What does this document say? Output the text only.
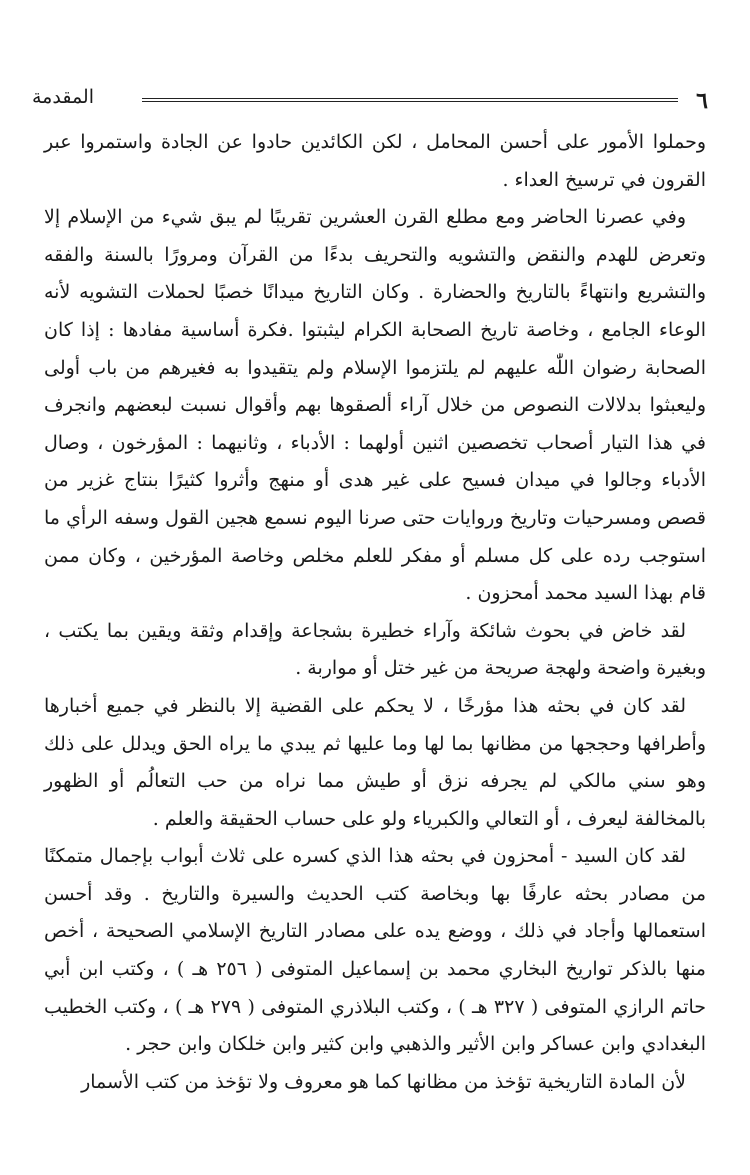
٦
المقدمة

وحملوا الأمور على أحسن المحامل ، لكن الكائدين حادوا عن الجادة واستمروا عبر القرون في ترسيخ العداء .

وفي عصرنا الحاضر ومع مطلع القرن العشرين تقريبًا لم يبق شيء من الإسلام إلا وتعرض للهدم والنقض والتشويه والتحريف بدءًا من القرآن ومرورًا بالسنة والفقه والتشريع وانتهاءً بالتاريخ والحضارة . وكان التاريخ ميدانًا خصبًا لحملات التشويه لأنه الوعاء الجامع ، وخاصة تاريخ الصحابة الكرام ليثبتوا .فكرة أساسية مفادها : إذا كان الصحابة رضوان اللّٰه عليهم لم يلتزموا الإسلام ولم يتقيدوا به فغيرهم من باب أولى وليعبثوا بدلالات النصوص من خلال آراء ألصقوها بهم وأقوال نسبت لبعضهم وانجرف في هذا التيار أصحاب تخصصين اثنين أولهما : الأدباء ، وثانيهما : المؤرخون ، وصال الأدباء وجالوا في ميدان فسيح على غير هدى أو منهج وأثروا كثيرًا بنتاج غزير من قصص ومسرحيات وتاريخ وروايات حتى صرنا اليوم نسمع هجين القول وسفه الرأي ما استوجب رده على كل مسلم أو مفكر للعلم مخلص وخاصة المؤرخين ، وكان ممن قام بهذا السيد محمد أمحزون .

لقد خاض في بحوث شائكة وآراء خطيرة بشجاعة وإقدام وثقة ويقين بما يكتب ، وبغيرة واضحة ولهجة صريحة من غير ختل أو مواربة .

لقد كان في بحثه هذا مؤرخًا ، لا يحكم على القضية إلا بالنظر في جميع أخبارها وأطرافها وحججها من مظانها بما لها وما عليها ثم يبدي ما يراه الحق ويدلل على ذلك وهو سني مالكي لم يجرفه نزق أو طيش مما نراه من حب التعالُم أو الظهور بالمخالفة ليعرف ، أو التعالي والكبرياء ولو على حساب الحقيقة والعلم .

لقد كان السيد - أمحزون في بحثه هذا الذي كسره على ثلاث أبواب بإجمال متمكنًا من مصادر بحثه عارفًا بها وبخاصة كتب الحديث والسيرة والتاريخ . وقد أحسن استعمالها وأجاد في ذلك ، ووضع يده على مصادر التاريخ الإسلامي الصحيحة ، أخص منها بالذكر تواريخ البخاري محمد بن إسماعيل المتوفى ( ٢٥٦ هـ ) ، وكتب ابن أبي حاتم الرازي المتوفى ( ٣٢٧ هـ ) ، وكتب البلاذري المتوفى ( ٢٧٩ هـ ) ، وكتب الخطيب البغدادي وابن عساكر وابن الأثير والذهبي وابن كثير وابن خلكان وابن حجر .

لأن المادة التاريخية تؤخذ من مظانها كما هو معروف ولا تؤخذ من كتب الأسمار
